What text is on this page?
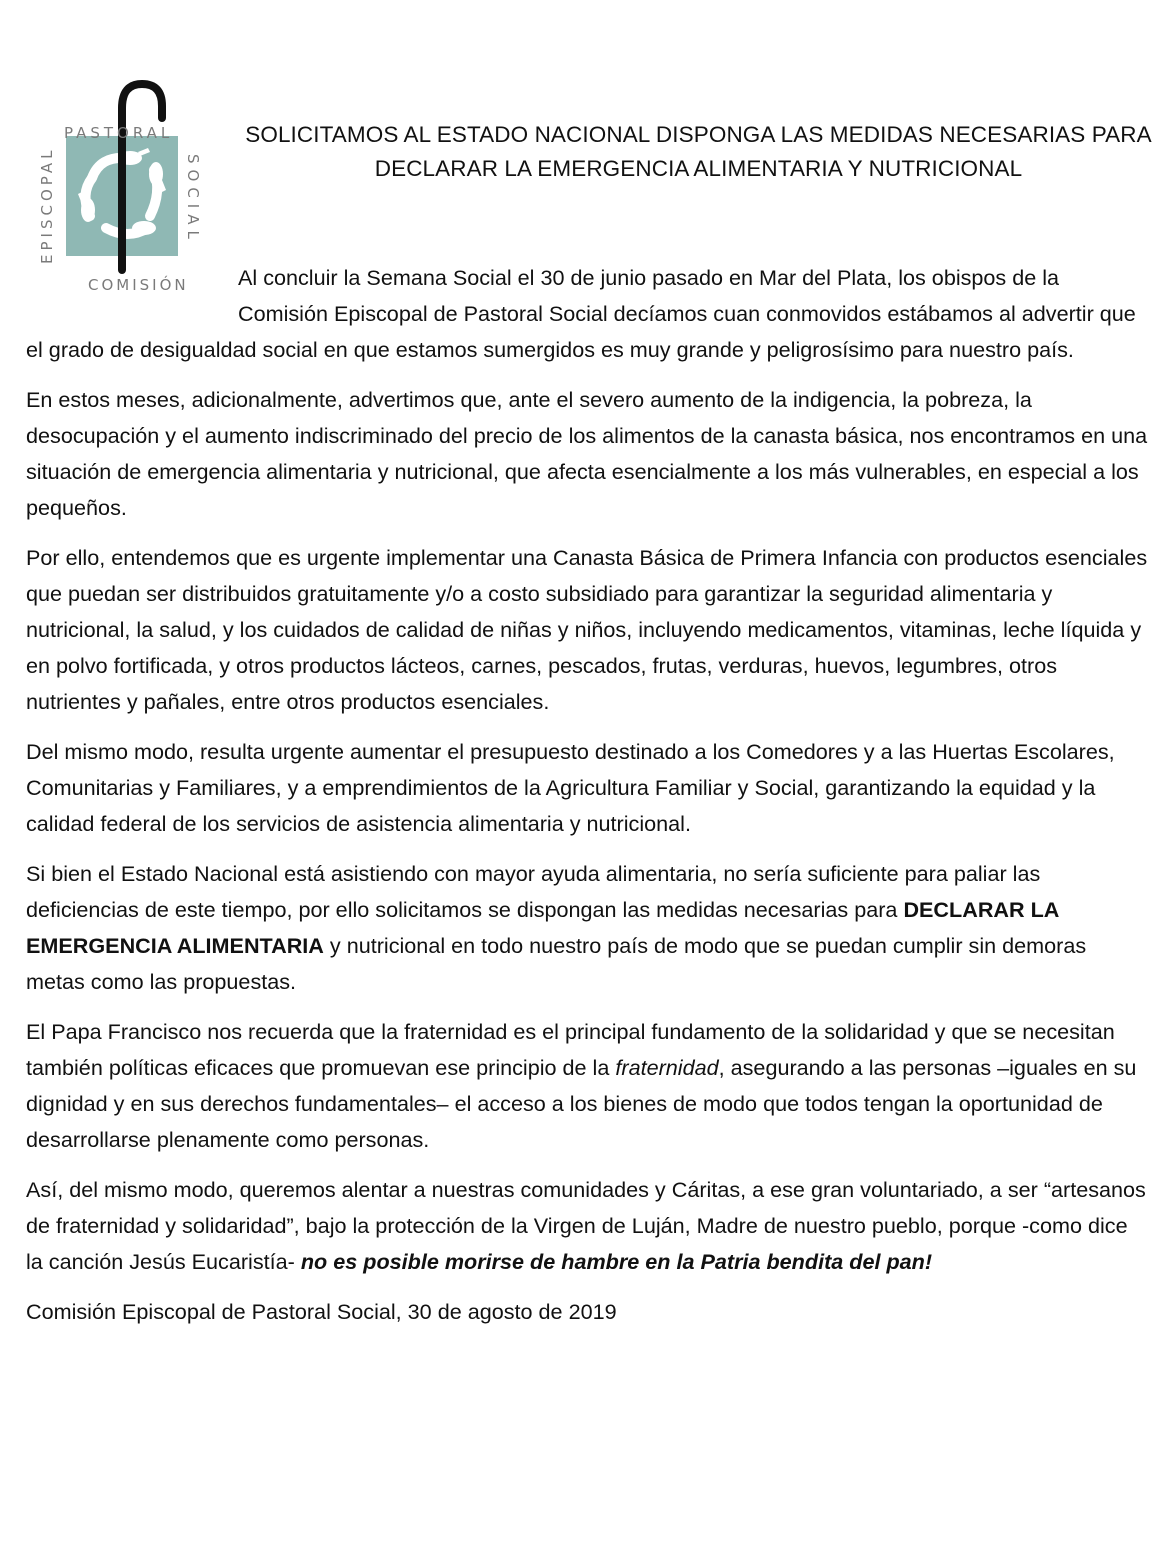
PASTORAL
COMISIÓN
EPISCOPAL	SOCIAL
SOLICITAMOS AL ESTADO NACIONAL DISPONGA LAS MEDIDAS NECESARIAS PARA
DECLARAR LA EMERGENCIA ALIMENTARIA Y NUTRICIONAL

Al concluir la Semana Social el 30 de junio pasado en Mar del Plata, los obispos de la Comisión Episcopal de Pastoral Social decíamos cuan conmovidos estábamos al advertir que el grado de desigualdad social en que estamos sumergidos es muy grande y peligrosísimo para nuestro país.

En estos meses, adicionalmente, advertimos que, ante el severo aumento de la indigencia, la pobreza, la desocupación y el aumento indiscriminado del precio de los alimentos de la canasta básica, nos encontramos en una situación de emergencia alimentaria y nutricional, que afecta esencialmente a los más vulnerables, en especial a los pequeños.

Por ello, entendemos que es urgente implementar una Canasta Básica de Primera Infancia con productos esenciales que puedan ser distribuidos gratuitamente y/o a costo subsidiado para garantizar la seguridad alimentaria y nutricional, la salud, y los cuidados de calidad de niñas y niños, incluyendo medicamentos, vitaminas, leche líquida y en polvo fortificada, y otros productos lácteos, carnes, pescados, frutas, verduras, huevos, legumbres, otros nutrientes y pañales, entre otros productos esenciales.

Del mismo modo, resulta urgente aumentar el presupuesto destinado a los Comedores y a las Huertas Escolares, Comunitarias y Familiares, y a emprendimientos de la Agricultura Familiar y Social, garantizando la equidad y la calidad federal de los servicios de asistencia alimentaria y nutricional.

Si bien el Estado Nacional está asistiendo con mayor ayuda alimentaria, no sería suficiente para paliar las deficiencias de este tiempo, por ello solicitamos se dispongan las medidas necesarias para DECLARAR LA EMERGENCIA ALIMENTARIA y nutricional en todo nuestro país de modo que se puedan cumplir sin demoras metas como las propuestas.

El Papa Francisco nos recuerda que la fraternidad es el principal fundamento de la solidaridad y que se necesitan también políticas eficaces que promuevan ese principio de la fraternidad, asegurando a las personas –iguales en su dignidad y en sus derechos fundamentales– el acceso a los bienes de modo que todos tengan la oportunidad de desarrollarse plenamente como personas.

Así, del mismo modo, queremos alentar a nuestras comunidades y Cáritas, a ese gran voluntariado, a ser “artesanos de fraternidad y solidaridad”, bajo la protección de la Virgen de Luján, Madre de nuestro pueblo, porque -como dice la canción Jesús Eucaristía- no es posible morirse de hambre en la Patria bendita del pan!

Comisión Episcopal de Pastoral Social, 30 de agosto de 2019
